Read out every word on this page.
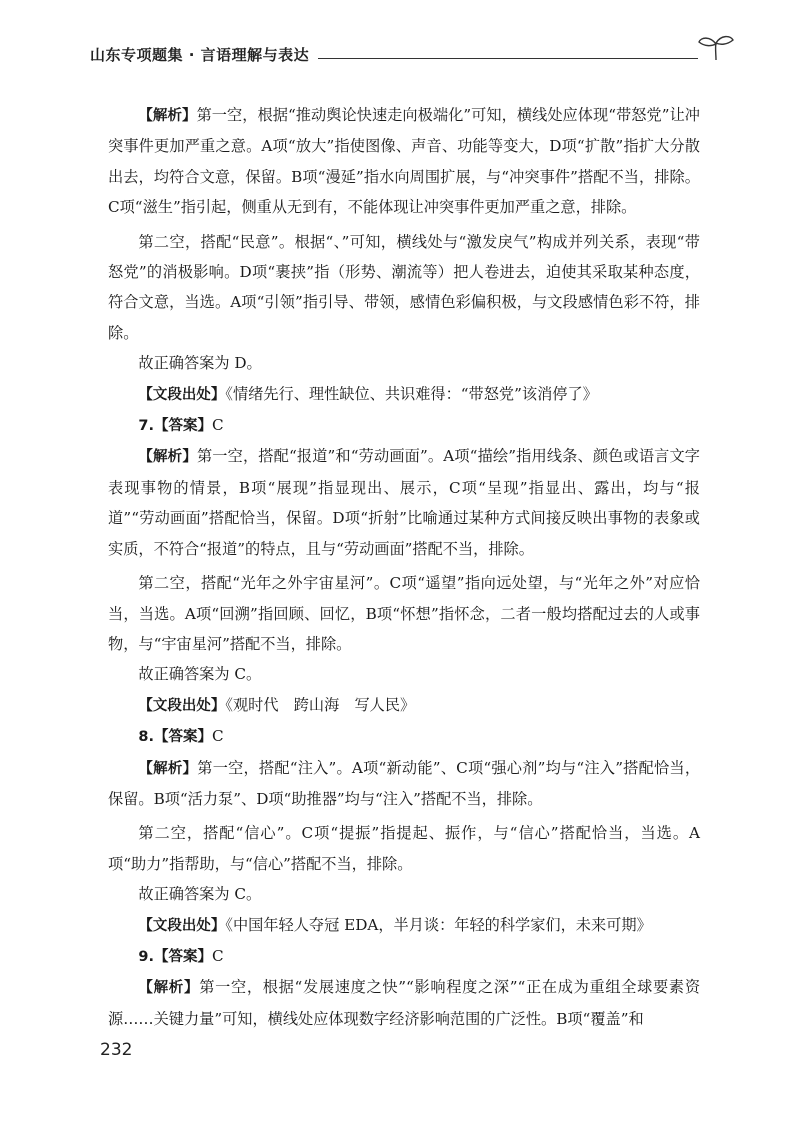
山东专项题集 · 言语理解与表达

【解析】第一空，根据“推动舆论快速走向极端化”可知，横线处应体现“带怒党”让冲突事件更加严重之意。A项“放大”指使图像、声音、功能等变大，D项“扩散”指扩大分散出去，均符合文意，保留。B项“漫延”指水向周围扩展，与“冲突事件”搭配不当，排除。C项“滋生”指引起，侧重从无到有，不能体现让冲突事件更加严重之意，排除。

第二空，搭配“民意”。根据“、”可知，横线处与“激发戾气”构成并列关系，表现“带怒党”的消极影响。D项“裹挟”指（形势、潮流等）把人卷进去，迫使其采取某种态度，符合文意，当选。A项“引领”指引导、带领，感情色彩偏积极，与文段感情色彩不符，排除。

故正确答案为 D。

【文段出处】《情绪先行、理性缺位、共识难得：“带怒党”该消停了》

7.【答案】C

【解析】第一空，搭配“报道”和“劳动画面”。A项“描绘”指用线条、颜色或语言文字表现事物的情景，B项“展现”指显现出、展示，C项“呈现”指显出、露出，均与“报道”“劳动画面”搭配恰当，保留。D项“折射”比喻通过某种方式间接反映出事物的表象或实质，不符合“报道”的特点，且与“劳动画面”搭配不当，排除。

第二空，搭配“光年之外宇宙星河”。C项“遥望”指向远处望，与“光年之外”对应恰当，当选。A项“回溯”指回顾、回忆，B项“怀想”指怀念，二者一般均搭配过去的人或事物，与“宇宙星河”搭配不当，排除。

故正确答案为 C。

【文段出处】《观时代　跨山海　写人民》

8.【答案】C

【解析】第一空，搭配“注入”。A项“新动能”、C项“强心剂”均与“注入”搭配恰当，保留。B项“活力泵”、D项“助推器”均与“注入”搭配不当，排除。

第二空，搭配“信心”。C项“提振”指提起、振作，与“信心”搭配恰当，当选。A项“助力”指帮助，与“信心”搭配不当，排除。

故正确答案为 C。

【文段出处】《中国年轻人夺冠 EDA，半月谈：年轻的科学家们，未来可期》

9.【答案】C

【解析】第一空，根据“发展速度之快”“影响程度之深”“正在成为重组全球要素资源……关键力量”可知，横线处应体现数字经济影响范围的广泛性。B项“覆盖”和

232
